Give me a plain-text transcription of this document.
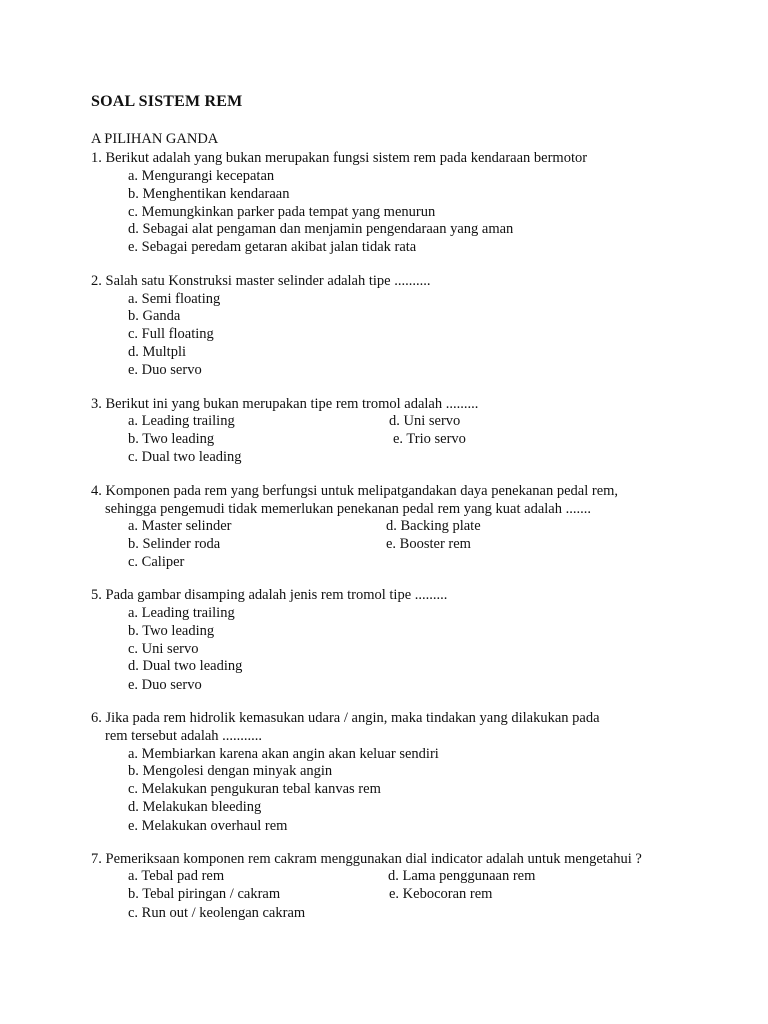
SOAL SISTEM REM
A PILIHAN GANDA
1. Berikut adalah yang bukan merupakan fungsi sistem rem pada kendaraan bermotor
a. Mengurangi kecepatan
b. Menghentikan kendaraan
c. Memungkinkan parker pada tempat yang menurun
d. Sebagai alat pengaman dan menjamin pengendaraan yang aman
e. Sebagai peredam getaran akibat jalan tidak rata
2. Salah satu Konstruksi master selinder adalah tipe ..........
a. Semi floating
b. Ganda
c. Full floating
d. Multpli
e. Duo servo
3. Berikut ini yang bukan merupakan tipe rem tromol adalah .........
a. Leading trailing	d. Uni servo
b. Two leading	e. Trio servo
c. Dual two leading
4. Komponen pada rem yang berfungsi untuk melipatgandakan daya penekanan pedal rem,
sehingga pengemudi tidak memerlukan penekanan pedal rem yang kuat adalah .......
a. Master selinder	d. Backing plate
b. Selinder roda	e. Booster rem
c. Caliper
5. Pada gambar disamping adalah jenis rem tromol tipe .........
a. Leading trailing
b. Two leading
c. Uni servo
d. Dual two leading
e. Duo servo
6. Jika pada rem hidrolik kemasukan udara / angin, maka tindakan yang dilakukan pada
rem tersebut adalah ...........
a. Membiarkan karena akan angin akan keluar sendiri
b. Mengolesi dengan minyak angin
c. Melakukan pengukuran tebal kanvas rem
d. Melakukan bleeding
e. Melakukan overhaul rem
7. Pemeriksaan komponen rem cakram menggunakan dial indicator adalah untuk mengetahui ?
a. Tebal pad rem	d. Lama penggunaan rem
b. Tebal piringan / cakram	e. Kebocoran rem
c. Run out / keolengan cakram
